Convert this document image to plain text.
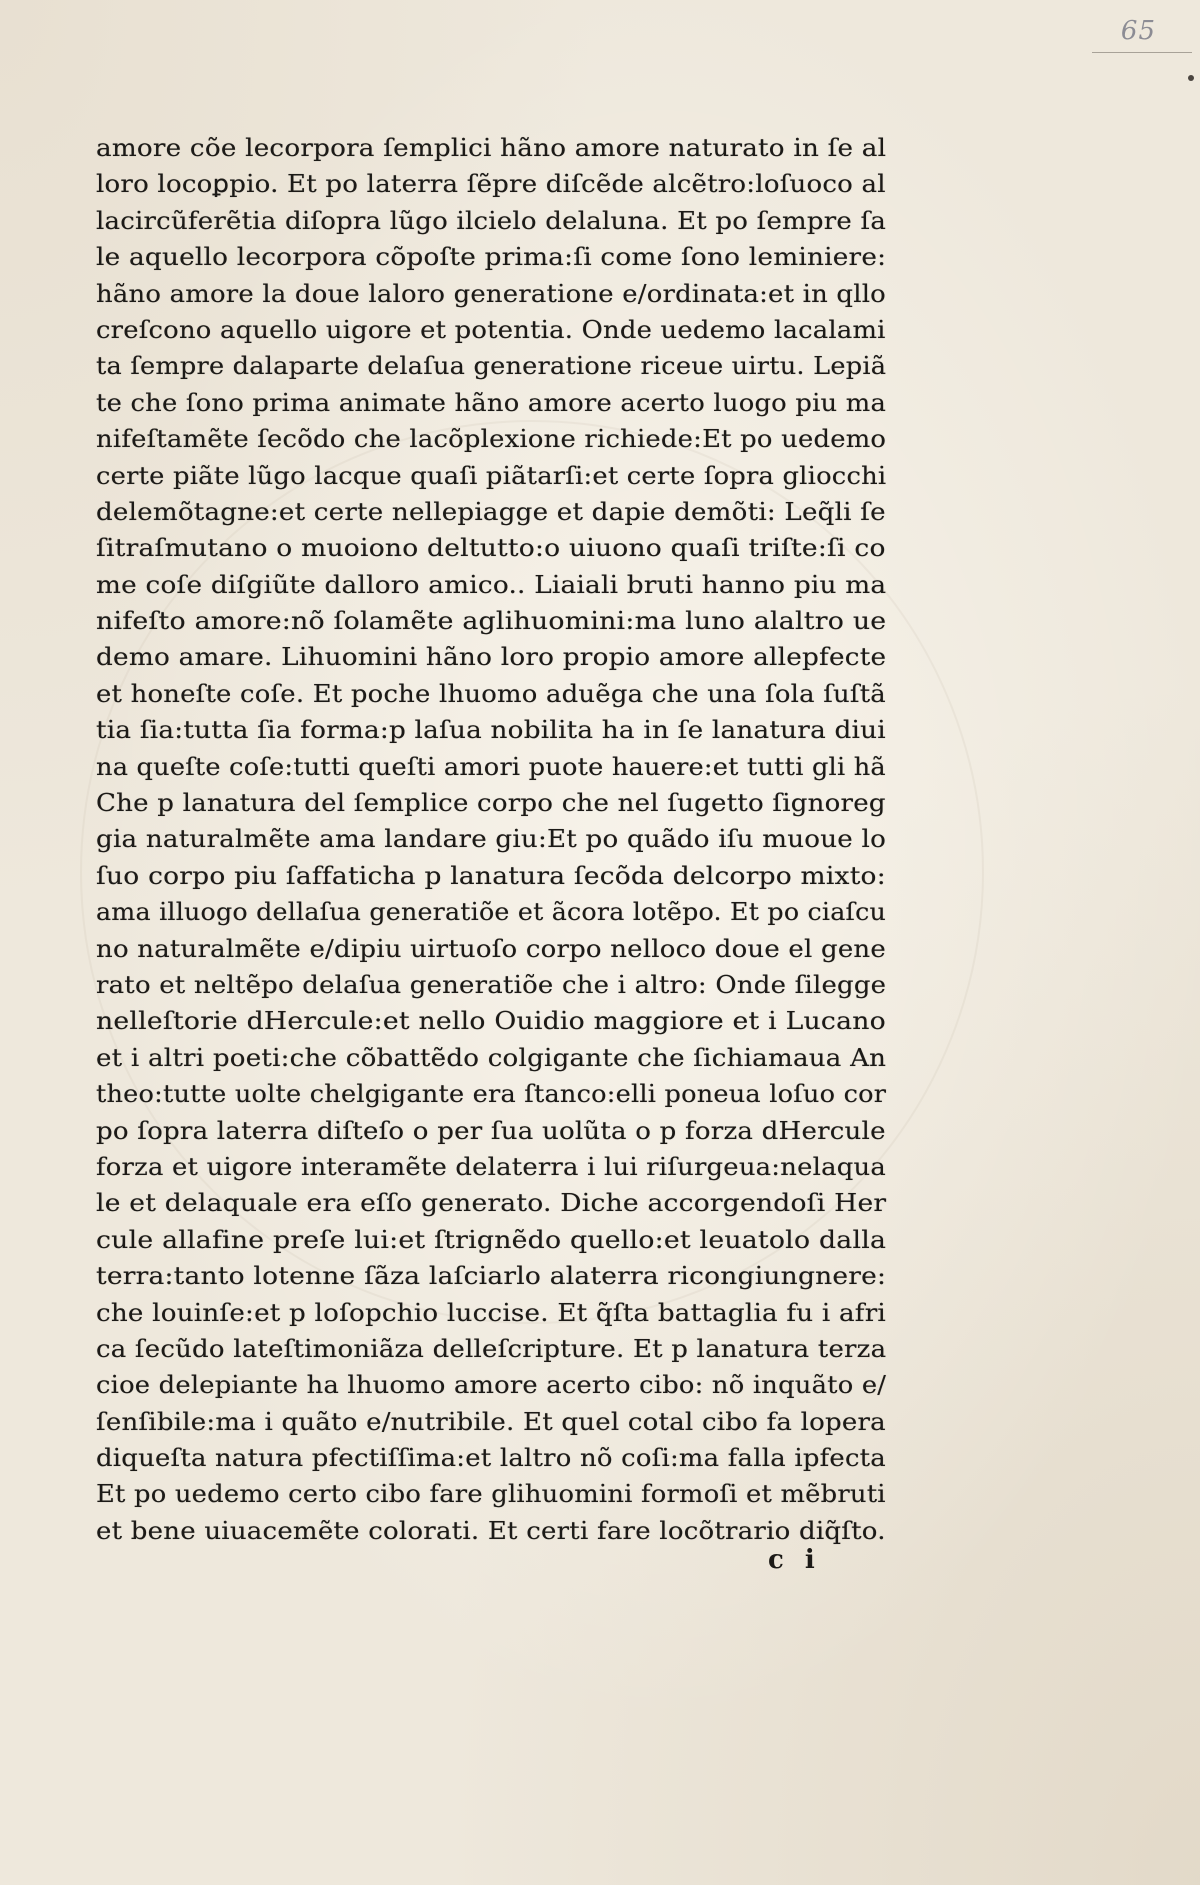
65
amore cõe lecorpora ſemplici hãno amore naturato in ſe al
loro locoꝑpio. Et po laterra ſẽpre diſcẽde alcẽtro:loſuoco al
lacircũferẽtia diſopra lũgo ilcielo delaluna. Et po ſempre ſa
le aquello lecorpora cõpoſte prima:ſi come ſono leminiere:
hãno amore la doue laloro generatione e/ordinata:et in qllo
creſcono aquello uigore et potentia. Onde uedemo lacalami
ta ſempre dalaparte delaſua generatione riceue uirtu. Lepiã
te che ſono prima animate hãno amore acerto luogo piu ma
nifeſtamẽte ſecõdo che lacõplexione richiede:Et po uedemo
certe piãte lũgo lacque quaſi piãtarſi:et certe ſopra gliocchi
delemõtagne:et certe nellepiagge et dapie demõti: Leq̃li ſe
ſitraſmutano o muoiono deltutto:o uiuono quaſi triſte:ſi co
me coſe diſgiũte dalloro amico.. Liaiali bruti hanno piu ma
nifeſto amore:nõ ſolamẽte aglihuomini:ma luno alaltro ue
demo amare. Lihuomini hãno loro propio amore allepfecte
et honeſte coſe. Et poche lhuomo aduẽga che una ſola ſuſtã
tia ſia:tutta ſia forma:p laſua nobilita ha in ſe lanatura diui
na queſte coſe:tutti queſti amori puote hauere:et tutti gli hã
Che p lanatura del ſemplice corpo che nel ſugetto ſignoreg
gia naturalmẽte ama landare giu:Et po quãdo iſu muoue lo
ſuo corpo piu ſaffaticha p lanatura ſecõda delcorpo mixto:
ama illuogo dellaſua generatiõe et ãcora lotẽpo. Et po ciaſcu
no naturalmẽte e/dipiu uirtuoſo corpo nelloco doue el gene
rato et neltẽpo delaſua generatiõe che i altro: Onde ſilegge
nelleſtorie dHercule:et nello Ouidio maggiore et i Lucano
et i altri poeti:che cõbattẽdo colgigante che ſichiamaua An
theo:tutte uolte chelgigante era ſtanco:elli poneua loſuo cor
po ſopra laterra diſteſo o per ſua uolũta o p forza dHercule
forza et uigore interamẽte delaterra i lui riſurgeua:nelaqua
le et delaquale era eſſo generato. Diche accorgendoſi Her
cule allafine preſe lui:et ſtrignẽdo quello:et leuatolo dalla
terra:tanto lotenne ſãza laſciarlo alaterra ricongiungnere:
che louinſe:et p loſopchio luccise. Et q̃ſta battaglia fu i afri
ca ſecũdo lateſtimoniãza delleſcripture. Et p lanatura terza
cioe delepiante ha lhuomo amore acerto cibo: nõ inquãto e/
ſenſibile:ma i quãto e/nutribile. Et quel cotal cibo fa lopera
diqueſta natura pfectiſſima:et laltro nõ coſi:ma falla ipfecta
Et po uedemo certo cibo fare glihuomini formoſi et mẽbruti
et bene uiuacemẽte colorati. Et certi fare locõtrario diq̃ſto.
c i
